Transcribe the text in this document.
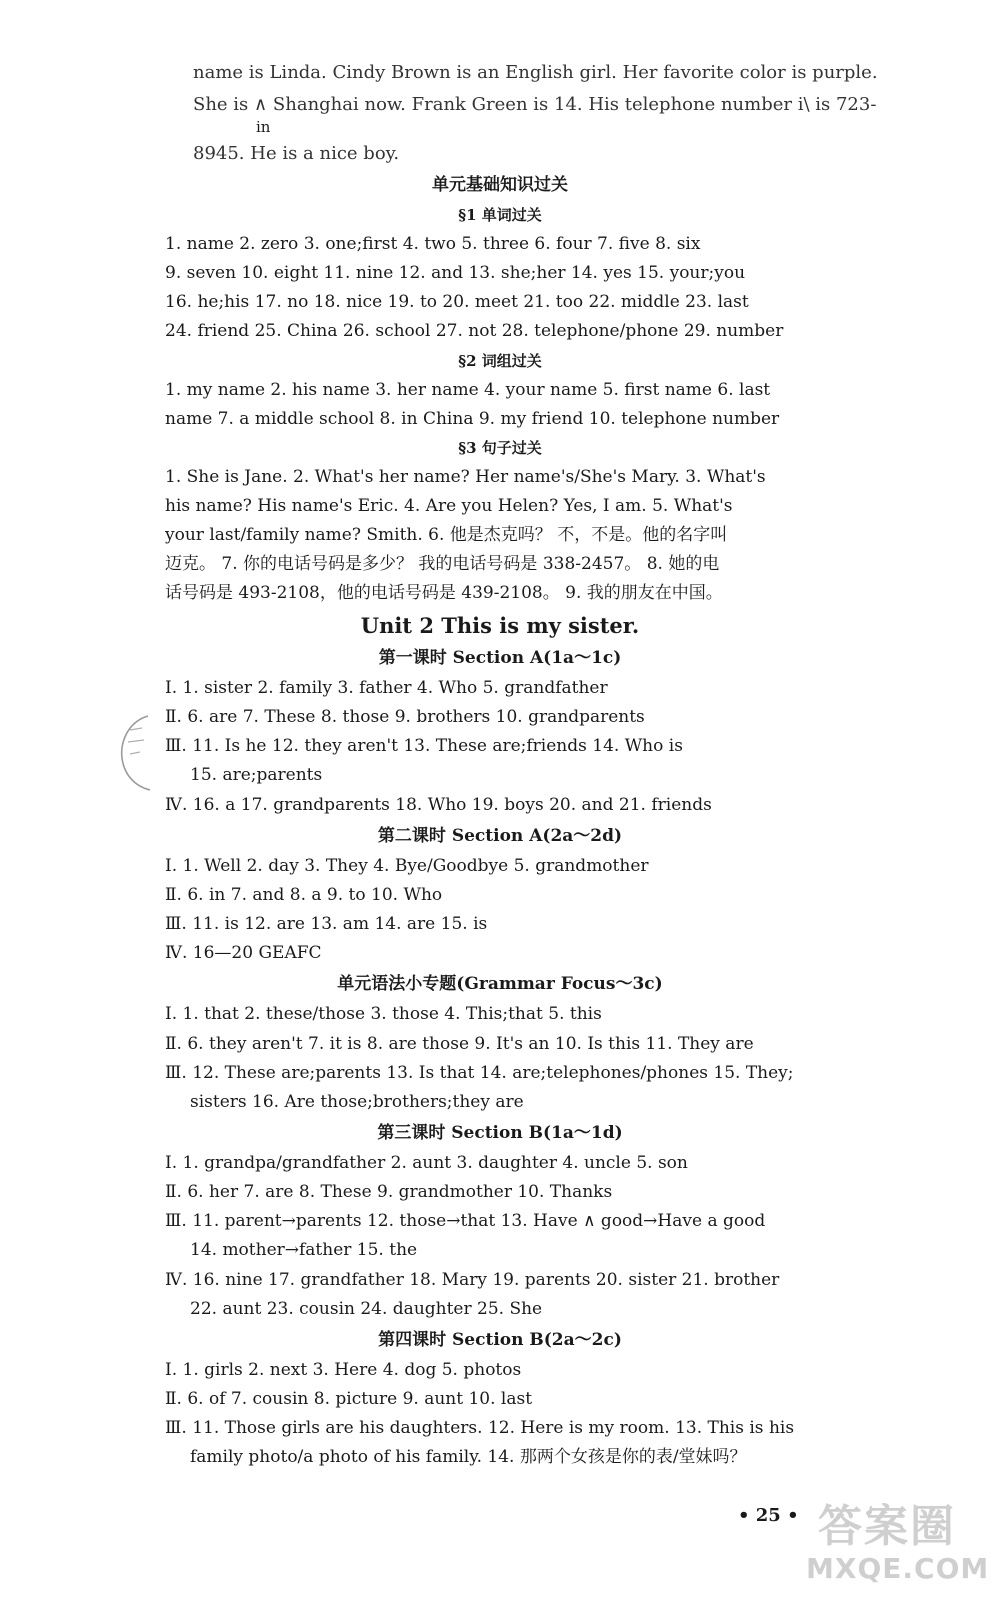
name is Linda. Cindy Brown is an English girl. Her favorite color is purple.
She is ∧ Shanghai now. Frank Green is 14. His telephone number i\ is 723-
in
8945. He is a nice boy.
单元基础知识过关
§1 单词过关
1. name 2. zero 3. one;first 4. two 5. three 6. four 7. five 8. six
9. seven 10. eight 11. nine 12. and 13. she;her 14. yes 15. your;you
16. he;his 17. no 18. nice 19. to 20. meet 21. too 22. middle 23. last
24. friend 25. China 26. school 27. not 28. telephone/phone 29. number
§2 词组过关
1. my name 2. his name 3. her name 4. your name 5. first name 6. last
name 7. a middle school 8. in China 9. my friend 10. telephone number
§3 句子过关
1. She is Jane. 2. What's her name? Her name's/She's Mary. 3. What's
his name? His name's Eric. 4. Are you Helen? Yes, I am. 5. What's
your last/family name? Smith. 6. 他是杰克吗？ 不，不是。他的名字叫
迈克。 7. 你的电话号码是多少？ 我的电话号码是 338-2457。 8. 她的电
话号码是 493-2108，他的电话号码是 439-2108。 9. 我的朋友在中国。
Unit 2 This is my sister.
第一课时 Section A(1a～1c)
Ⅰ. 1. sister 2. family 3. father 4. Who 5. grandfather
Ⅱ. 6. are 7. These 8. those 9. brothers 10. grandparents
Ⅲ. 11. Is he 12. they aren't 13. These are;friends 14. Who is
15. are;parents
Ⅳ. 16. a 17. grandparents 18. Who 19. boys 20. and 21. friends
第二课时 Section A(2a～2d)
Ⅰ. 1. Well 2. day 3. They 4. Bye/Goodbye 5. grandmother
Ⅱ. 6. in 7. and 8. a 9. to 10. Who
Ⅲ. 11. is 12. are 13. am 14. are 15. is
Ⅳ. 16—20 GEAFC
单元语法小专题(Grammar Focus～3c)
Ⅰ. 1. that 2. these/those 3. those 4. This;that 5. this
Ⅱ. 6. they aren't 7. it is 8. are those 9. It's an 10. Is this 11. They are
Ⅲ. 12. These are;parents 13. Is that 14. are;telephones/phones 15. They;
sisters 16. Are those;brothers;they are
第三课时 Section B(1a～1d)
Ⅰ. 1. grandpa/grandfather 2. aunt 3. daughter 4. uncle 5. son
Ⅱ. 6. her 7. are 8. These 9. grandmother 10. Thanks
Ⅲ. 11. parent→parents 12. those→that 13. Have ∧ good→Have a good
14. mother→father 15. the
Ⅳ. 16. nine 17. grandfather 18. Mary 19. parents 20. sister 21. brother
22. aunt 23. cousin 24. daughter 25. She
第四课时 Section B(2a～2c)
Ⅰ. 1. girls 2. next 3. Here 4. dog 5. photos
Ⅱ. 6. of 7. cousin 8. picture 9. aunt 10. last
Ⅲ. 11. Those girls are his daughters. 12. Here is my room. 13. This is his
family photo/a photo of his family. 14. 那两个女孩是你的表/堂妹吗？
• 25 • 答案圈
MXQE.COM
